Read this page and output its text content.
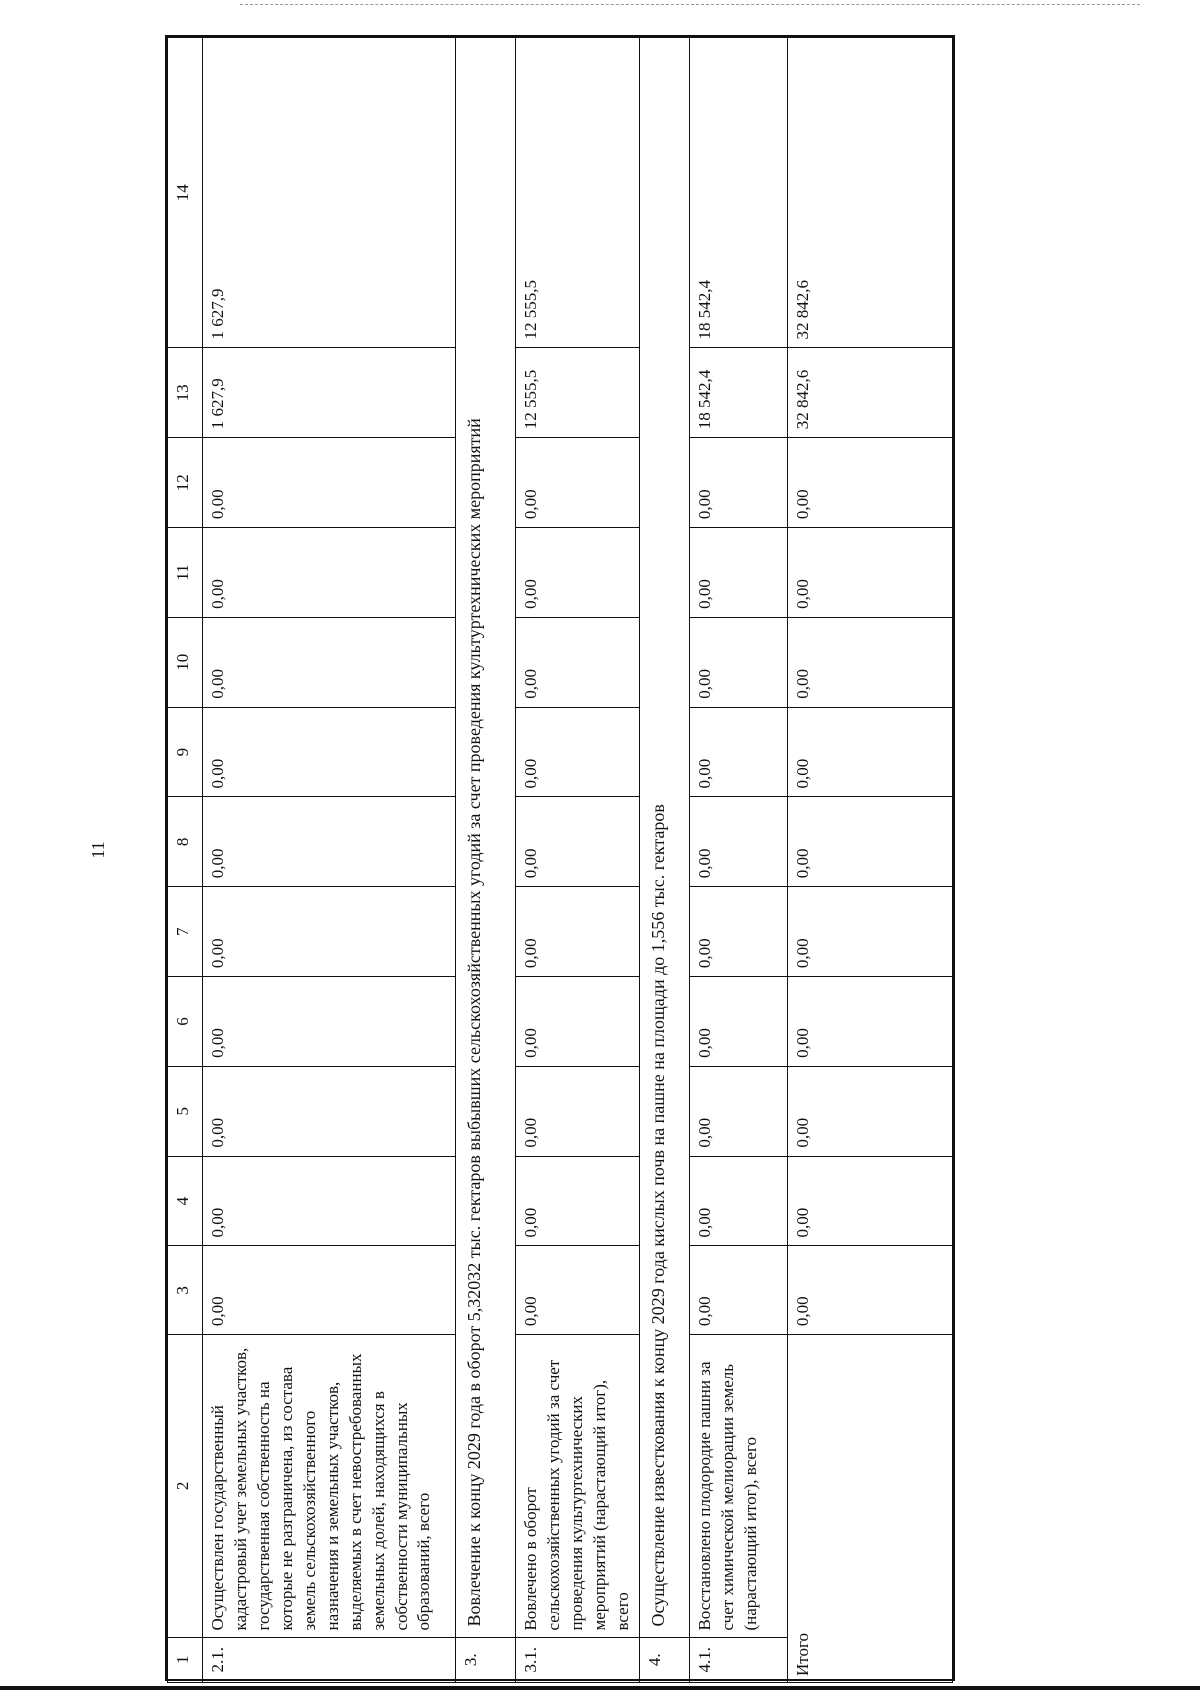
11
1	2	3	4	5	6	7	8	9	10	11	12	13	14
2.1.	Осуществлен государственный кадастровый учет земельных участков, государственная собственность на которые не разграничена, из состава земель сельскохозяйственного назначения и земельных участков, выделяемых в счет невостребованных земельных долей, находящихся в собственности муниципальных образований, всего	0,00	0,00	0,00	0,00	0,00	0,00	0,00	0,00	0,00	0,00	1 627,9	1 627,9
3.	Вовлечение к концу 2029 года в оборот 5,32032 тыс. гектаров выбывших сельскохозяйственных угодий за счет проведения культуртехнических мероприятий												
3.1.	Вовлечено в оборот сельскохозяйственных угодий за счет проведения культуртехнических мероприятий (нарастающий итог), всего	0,00	0,00	0,00	0,00	0,00	0,00	0,00	0,00	0,00	0,00	12 555,5	12 555,5
4.	Осуществление известкования к концу 2029 года кислых почв на пашне на площади до 1,556 тыс. гектаров												
4.1.	Восстановлено плодородие пашни за счет химической мелиорации земель (нарастающий итог), всего	0,00	0,00	0,00	0,00	0,00	0,00	0,00	0,00	0,00	0,00	18 542,4	18 542,4
Итого		0,00	0,00	0,00	0,00	0,00	0,00	0,00	0,00	0,00	0,00	32 842,6	32 842,6
